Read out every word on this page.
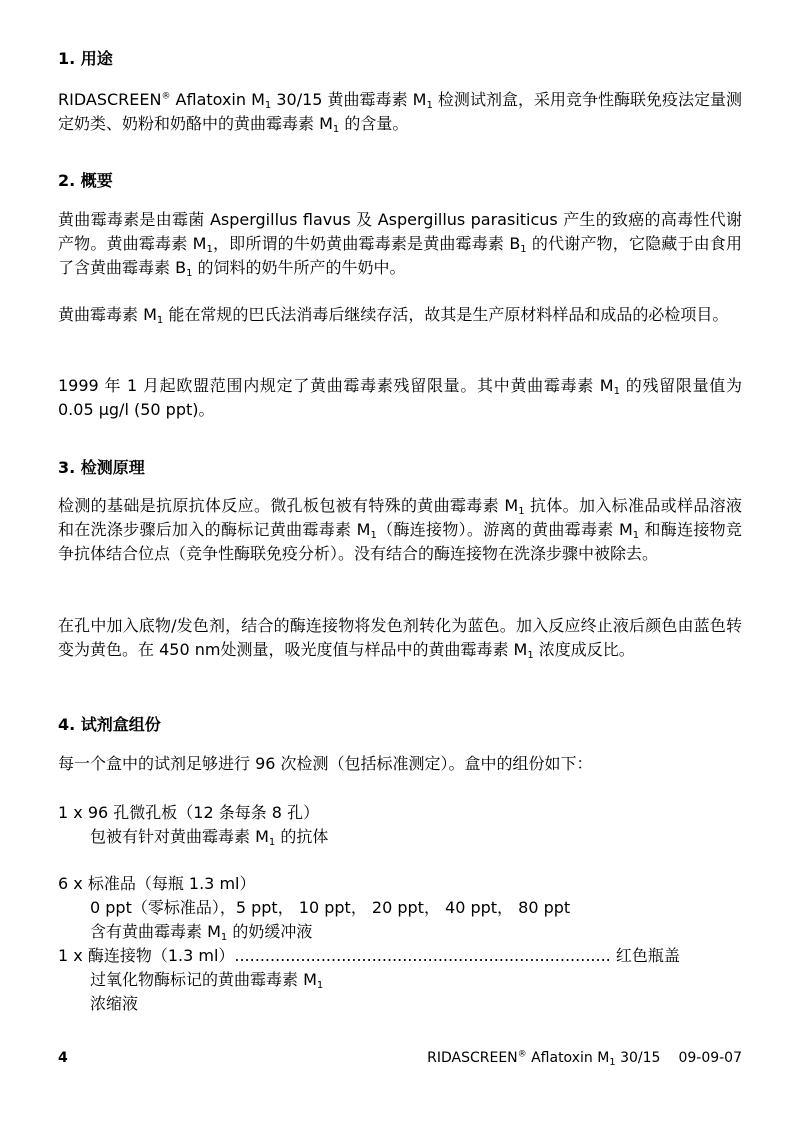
1. 用途

RIDASCREEN® Aflatoxin $M_1$ 30/15 黄曲霉毒素 $M_1$ 检测试剂盒，采用竞争性酶联免疫法定量测定奶类、奶粉和奶酪中的黄曲霉毒素 $M_1$ 的含量。

2. 概要

黄曲霉毒素是由霉菌 Aspergillus flavus 及 Aspergillus parasiticus 产生的致癌的高毒性代谢产物。黄曲霉毒素 $M_1$，即所谓的牛奶黄曲霉毒素是黄曲霉毒素 $B_1$ 的代谢产物，它隐藏于由食用了含黄曲霉毒素 $B_1$ 的饲料的奶牛所产的牛奶中。

黄曲霉毒素 $M_1$ 能在常规的巴氏法消毒后继续存活，故其是生产原材料样品和成品的必检项目。

1999 年 1 月起欧盟范围内规定了黄曲霉毒素残留限量。其中黄曲霉毒素 $M_1$ 的残留限量值为 0.05 µg/l (50 ppt)。

3. 检测原理

检测的基础是抗原抗体反应。微孔板包被有特殊的黄曲霉毒素 $M_1$ 抗体。加入标准品或样品溶液和在洗涤步骤后加入的酶标记黄曲霉毒素 $M_1$（酶连接物）。游离的黄曲霉毒素 $M_1$ 和酶连接物竞争抗体结合位点（竞争性酶联免疫分析）。没有结合的酶连接物在洗涤步骤中被除去。

在孔中加入底物/发色剂，结合的酶连接物将发色剂转化为蓝色。加入反应终止液后颜色由蓝色转变为黄色。在 450 nm处测量，吸光度值与样品中的黄曲霉毒素 $M_1$ 浓度成反比。

4. 试剂盒组份

每一个盒中的试剂足够进行 96 次检测（包括标准测定）。盒中的组份如下：

1 x 96 孔微孔板（12 条每条 8 孔）
包被有针对黄曲霉毒素 $M_1$ 的抗体
6 x 标准品（每瓶 1.3 ml）
0 ppt（零标准品），5 ppt， 10 ppt， 20 ppt， 40 ppt， 80 ppt
含有黄曲霉毒素 $M_1$ 的奶缓冲液
1 x 酶连接物（1.3 ml）.......................................................................... 红色瓶盖
过氧化物酶标记的黄曲霉毒素 $M_1$
浓缩液
4	RIDASCREEN® Aflatoxin $M_1$ 30/15 09-09-07
